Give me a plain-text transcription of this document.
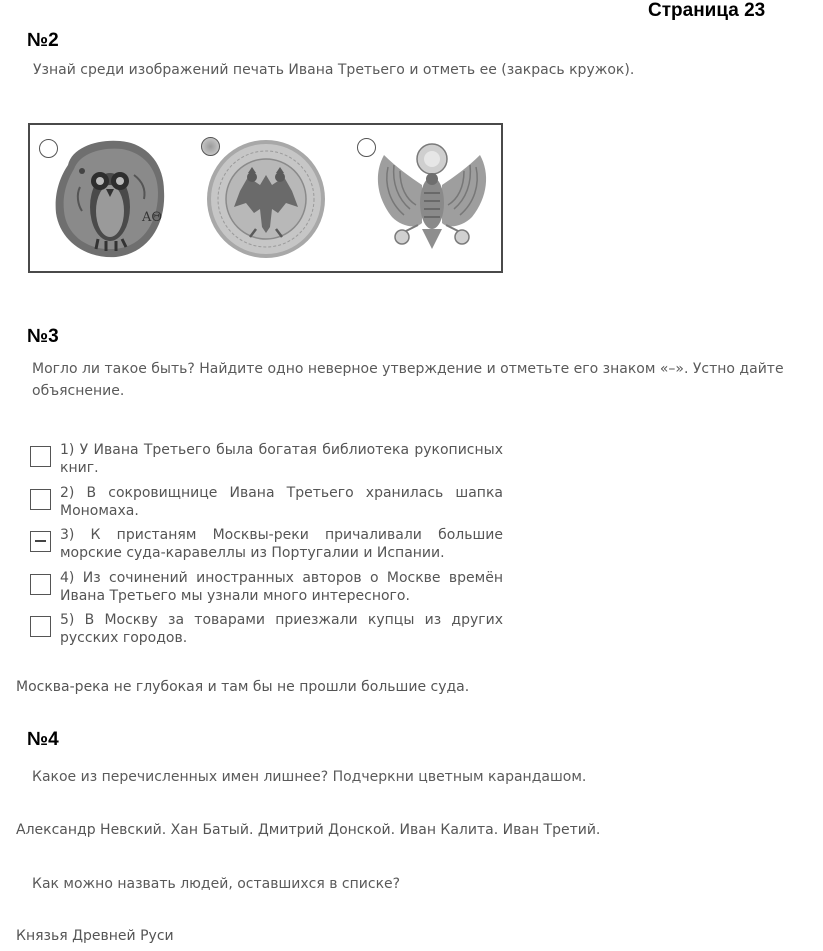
Страница 23
№2
Узнай среди изображений печать Ивана Третьего и отметь ее (закрась кружок).
ΑΘ
№3
Могло ли такое быть? Найдите одно неверное утверждение и отметьте его знаком «–». Устно дайте объяснение.
1) У Ивана Третьего была богатая библиотека рукописных книг.
2) В сокровищнице Ивана Третьего хранилась шапка Мономаха.
3) К пристаням Москвы-реки причаливали большие морские суда-каравеллы из Португалии и Испании.
4) Из сочинений иностранных авторов о Москве времён Ивана Третьего мы узнали много интересного.
5) В Москву за товарами приезжали купцы из других русских городов.
Москва-река не глубокая и там бы не прошли большие суда.
№4
Какое из перечисленных имен лишнее? Подчеркни цветным карандашом.
Александр Невский. Хан Батый. Дмитрий Донской. Иван Калита. Иван Третий.
Как можно назвать людей, оставшихся в списке?
Князья Древней Руси
